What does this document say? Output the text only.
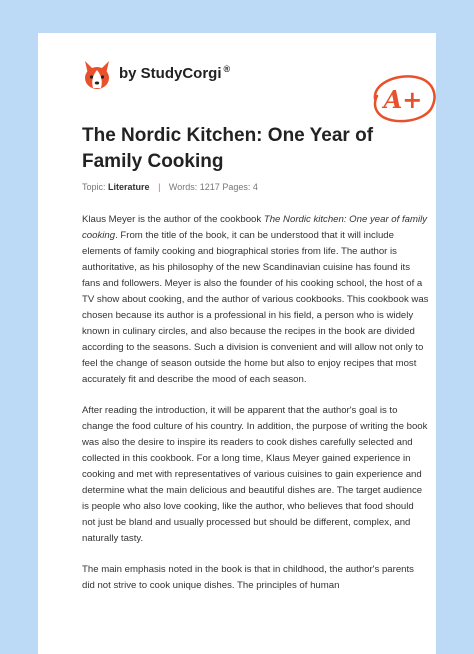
by StudyCorgi ®
A+
The Nordic Kitchen: One Year of Family Cooking
Topic: Literature | Words: 1217 Pages: 4

Klaus Meyer is the author of the cookbook The Nordic kitchen: One year of family cooking. From the title of the book, it can be understood that it will include elements of family cooking and biographical stories from life. The author is authoritative, as his philosophy of the new Scandinavian cuisine has found its fans and followers. Meyer is also the founder of his cooking school, the host of a TV show about cooking, and the author of various cookbooks. This cookbook was chosen because its author is a professional in his field, a person who is widely known in culinary circles, and also because the recipes in the book are divided according to the seasons. Such a division is convenient and will allow not only to feel the change of season outside the home but also to enjoy recipes that most accurately fit and describe the mood of each season.

After reading the introduction, it will be apparent that the author's goal is to change the food culture of his country. In addition, the purpose of writing the book was also the desire to inspire its readers to cook dishes carefully selected and collected in this cookbook. For a long time, Klaus Meyer gained experience in cooking and met with representatives of various cuisines to gain experience and determine what the main delicious and beautiful dishes are. The target audience is people who also love cooking, like the author, who believes that food should not just be bland and usually processed but should be different, complex, and naturally tasty.

The main emphasis noted in the book is that in childhood, the author's parents did not strive to cook unique dishes. The principles of human
